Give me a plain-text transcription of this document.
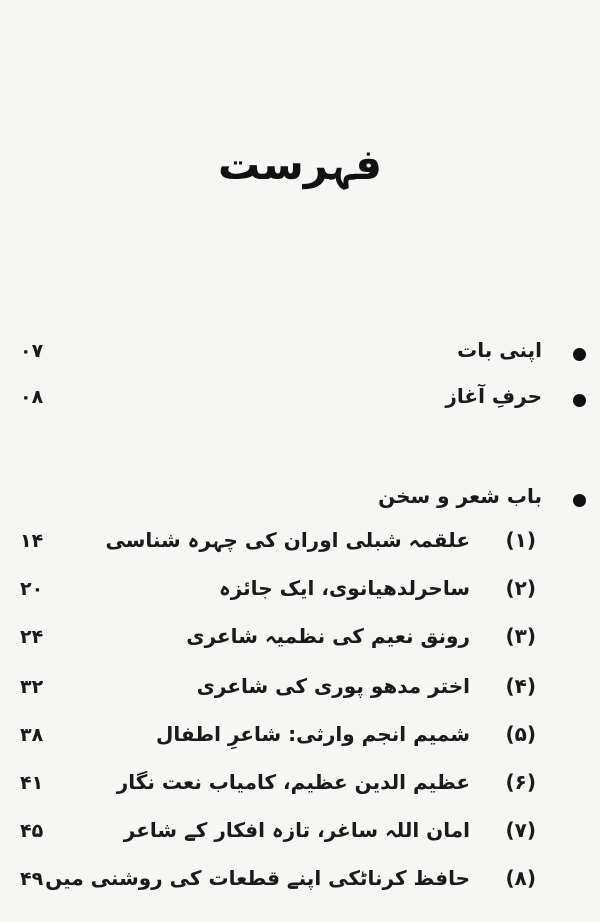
فہرست
اپنی بات
۰۷
حرفِ آغاز
۰۸
باب شعر و سخن
(۱)
علقمہ شبلی اوران کی چہرہ شناسی
۱۴
(۲)
ساحرلدھیانوی، ایک جائزہ
۲۰
(۳)
رونق نعیم کی نظمیہ شاعری
۲۴
(۴)
اختر مدھو پوری کی شاعری
۳۲
(۵)
شمیم انجم وارثی: شاعرِ اطفال
۳۸
(۶)
عظیم الدین عظیم، کامیاب نعت نگار
۴۱
(۷)
امان اللہ ساغر، تازہ افکار کے شاعر
۴۵
(۸)
حافظ کرناٹکی اپنے قطعات کی روشنی میں
۴۹
